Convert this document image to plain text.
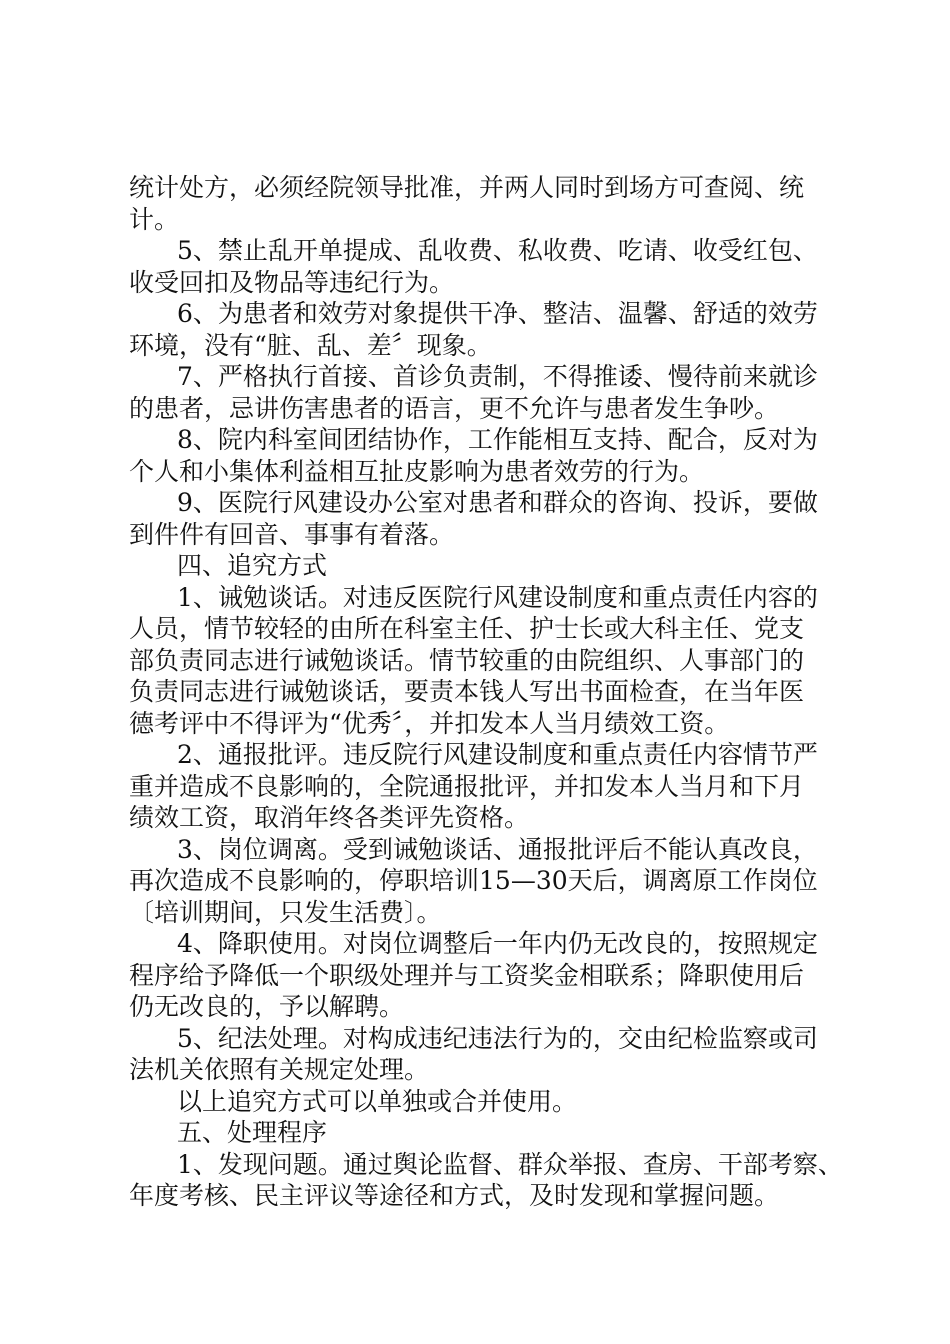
统计处方，必须经院领导批准，并两人同时到场方可查阅、统
计。
5、禁止乱开单提成、乱收费、私收费、吃请、收受红包、
收受回扣及物品等违纪行为。
6、为患者和效劳对象提供干净、整洁、温馨、舒适的效劳
环境，没有“脏、乱、差〞现象。
7、严格执行首接、首诊负责制，不得推诿、慢待前来就诊
的患者，忌讲伤害患者的语言，更不允许与患者发生争吵。
8、院内科室间团结协作，工作能相互支持、配合，反对为
个人和小集体利益相互扯皮影响为患者效劳的行为。
9、医院行风建设办公室对患者和群众的咨询、投诉，要做
到件件有回音、事事有着落。
四、追究方式
1、诫勉谈话。对违反医院行风建设制度和重点责任内容的
人员，情节较轻的由所在科室主任、护士长或大科主任、党支
部负责同志进行诫勉谈话。情节较重的由院组织、人事部门的
负责同志进行诫勉谈话，要责本钱人写出书面检查，在当年医
德考评中不得评为“优秀〞，并扣发本人当月绩效工资。
2、通报批评。违反院行风建设制度和重点责任内容情节严
重并造成不良影响的，全院通报批评，并扣发本人当月和下月
绩效工资，取消年终各类评先资格。
3、岗位调离。受到诫勉谈话、通报批评后不能认真改良，
再次造成不良影响的，停职培训15—30天后，调离原工作岗位
〔培训期间，只发生活费〕。
4、降职使用。对岗位调整后一年内仍无改良的，按照规定
程序给予降低一个职级处理并与工资奖金相联系；降职使用后
仍无改良的，予以解聘。
5、纪法处理。对构成违纪违法行为的，交由纪检监察或司
法机关依照有关规定处理。
以上追究方式可以单独或合并使用。
五、处理程序
1、发现问题。通过舆论监督、群众举报、查房、干部考察、
年度考核、民主评议等途径和方式，及时发现和掌握问题。
